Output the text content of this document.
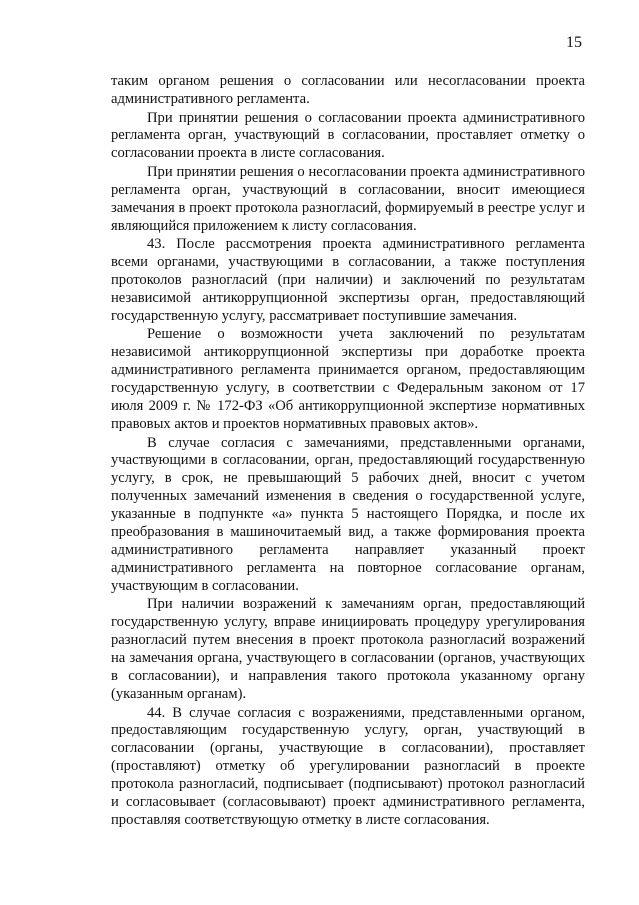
15

таким органом решения о согласовании или несогласовании проекта административного регламента.

При принятии решения о согласовании проекта административного регламента орган, участвующий в согласовании, проставляет отметку о согласовании проекта в листе согласования.

При принятии решения о несогласовании проекта административного регламента орган, участвующий в согласовании, вносит имеющиеся замечания в проект протокола разногласий, формируемый в реестре услуг и являющийся приложением к листу согласования.

43. После рассмотрения проекта административного регламента всеми органами, участвующими в согласовании, а также поступления протоколов разногласий (при наличии) и заключений по результатам независимой антикоррупционной экспертизы орган, предоставляющий государственную услугу, рассматривает поступившие замечания.

Решение о возможности учета заключений по результатам независимой антикоррупционной экспертизы при доработке проекта административного регламента принимается органом, предоставляющим государственную услугу, в соответствии с Федеральным законом от 17 июля 2009 г. № 172-ФЗ «Об антикоррупционной экспертизе нормативных правовых актов и проектов нормативных правовых актов».

В случае согласия с замечаниями, представленными органами, участвующими в согласовании, орган, предоставляющий государственную услугу, в срок, не превышающий 5 рабочих дней, вносит с учетом полученных замечаний изменения в сведения о государственной услуге, указанные в подпункте «а» пункта 5 настоящего Порядка, и после их преобразования в машиночитаемый вид, а также формирования проекта административного регламента направляет указанный проект административного регламента на повторное согласование органам, участвующим в согласовании.

При наличии возражений к замечаниям орган, предоставляющий государственную услугу, вправе инициировать процедуру урегулирования разногласий путем внесения в проект протокола разногласий возражений на замечания органа, участвующего в согласовании (органов, участвующих в согласовании), и направления такого протокола указанному органу (указанным органам).

44. В случае согласия с возражениями, представленными органом, предоставляющим государственную услугу, орган, участвующий в согласовании (органы, участвующие в согласовании), проставляет (проставляют) отметку об урегулировании разногласий в проекте протокола разногласий, подписывает (подписывают) протокол разногласий и согласовывает (согласовывают) проект административного регламента, проставляя соответствующую отметку в листе согласования.
